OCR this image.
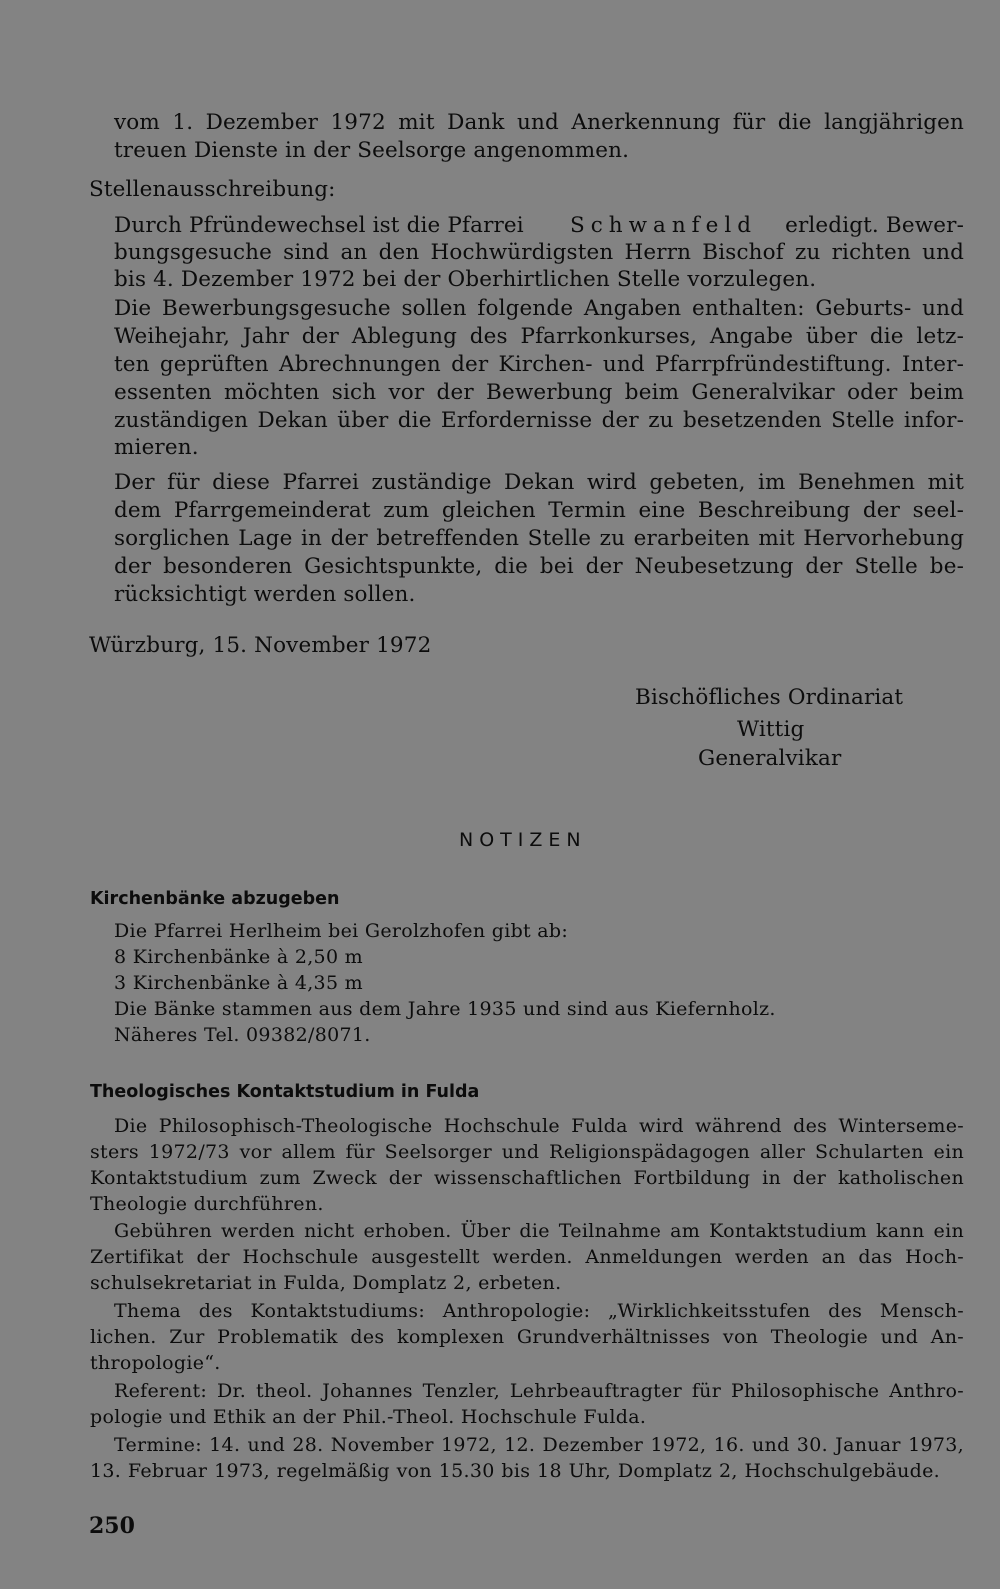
vom 1. Dezember 1972 mit Dank und Anerkennung für die langjährigen
treuen Dienste in der Seelsorge angenommen.
Stellenausschreibung:
Durch Pfründewechsel ist die Pfarrei Schwanfeld erledigt. Bewer-
bungsgesuche sind an den Hochwürdigsten Herrn Bischof zu richten und
bis 4. Dezember 1972 bei der Oberhirtlichen Stelle vorzulegen.
Die Bewerbungsgesuche sollen folgende Angaben enthalten: Geburts- und
Weihejahr, Jahr der Ablegung des Pfarrkonkurses, Angabe über die letz-
ten geprüften Abrechnungen der Kirchen- und Pfarrpfründestiftung. Inter-
essenten möchten sich vor der Bewerbung beim Generalvikar oder beim
zuständigen Dekan über die Erfordernisse der zu besetzenden Stelle infor-
mieren.
Der für diese Pfarrei zuständige Dekan wird gebeten, im Benehmen mit
dem Pfarrgemeinderat zum gleichen Termin eine Beschreibung der seel-
sorglichen Lage in der betreffenden Stelle zu erarbeiten mit Hervorhebung
der besonderen Gesichtspunkte, die bei der Neubesetzung der Stelle be-
rücksichtigt werden sollen.
Würzburg, 15. November 1972
Bischöfliches Ordinariat
Wittig
Generalvikar
NOTIZEN
Kirchenbänke abzugeben
Die Pfarrei Herlheim bei Gerolzhofen gibt ab:
8 Kirchenbänke à 2,50 m
3 Kirchenbänke à 4,35 m
Die Bänke stammen aus dem Jahre 1935 und sind aus Kiefernholz.
Näheres Tel. 09382/8071.
Theologisches Kontaktstudium in Fulda
Die Philosophisch-Theologische Hochschule Fulda wird während des Winterseme-
sters 1972/73 vor allem für Seelsorger und Religionspädagogen aller Schularten ein
Kontaktstudium zum Zweck der wissenschaftlichen Fortbildung in der katholischen
Theologie durchführen.
Gebühren werden nicht erhoben. Über die Teilnahme am Kontaktstudium kann ein
Zertifikat der Hochschule ausgestellt werden. Anmeldungen werden an das Hoch-
schulsekretariat in Fulda, Domplatz 2, erbeten.
Thema des Kontaktstudiums: Anthropologie: „Wirklichkeitsstufen des Mensch-
lichen. Zur Problematik des komplexen Grundverhältnisses von Theologie und An-
thropologie“.
Referent: Dr. theol. Johannes Tenzler, Lehrbeauftragter für Philosophische Anthro-
pologie und Ethik an der Phil.-Theol. Hochschule Fulda.
Termine: 14. und 28. November 1972, 12. Dezember 1972, 16. und 30. Januar 1973,
13. Februar 1973, regelmäßig von 15.30 bis 18 Uhr, Domplatz 2, Hochschulgebäude.
250
